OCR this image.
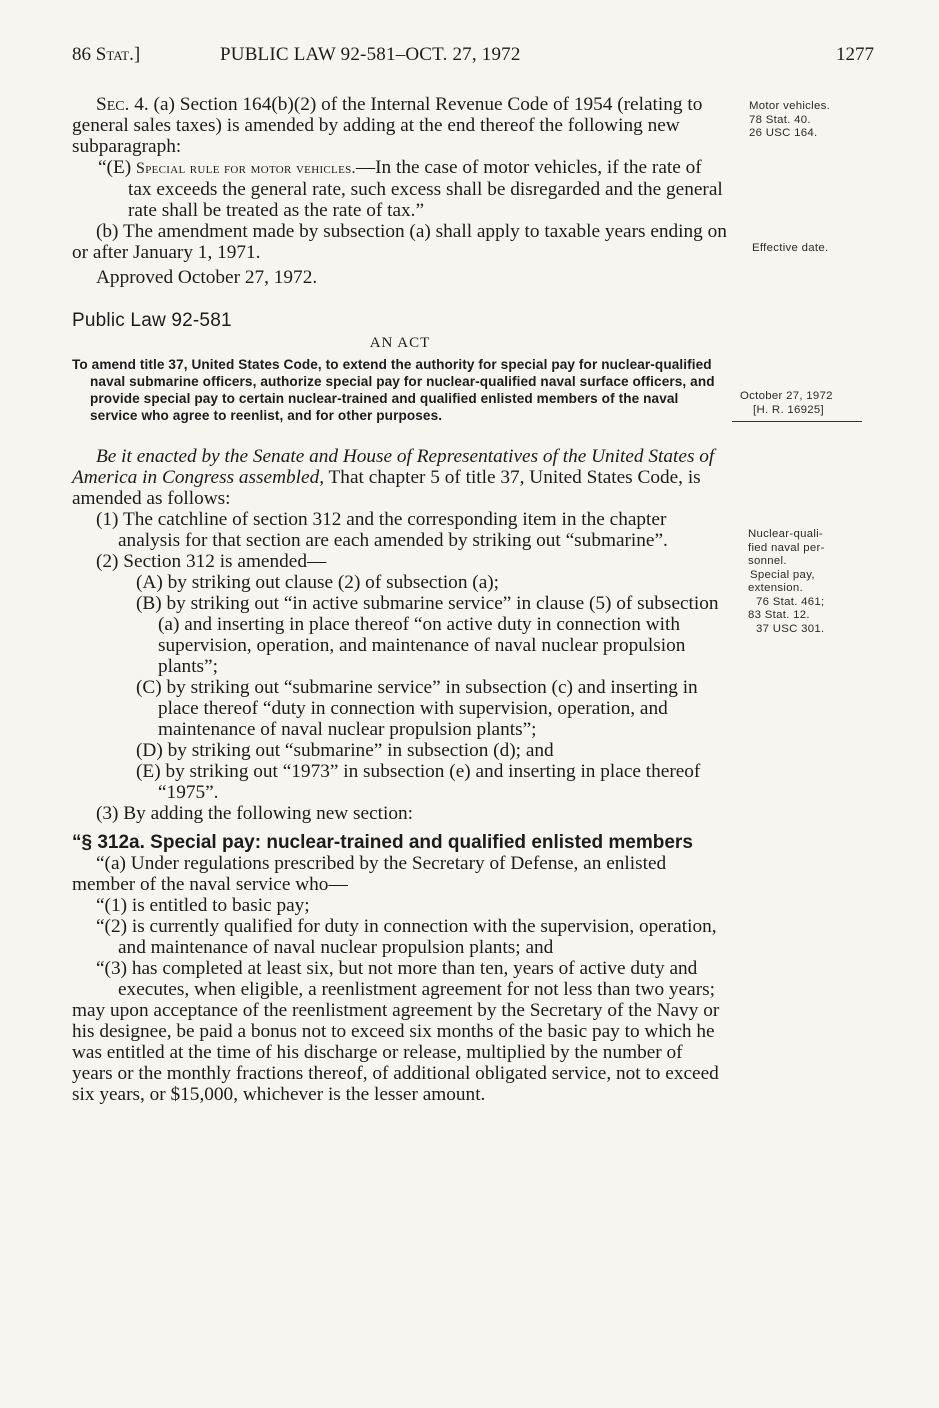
86 Stat.]	PUBLIC LAW 92-581–OCT. 27, 1972	1277

Sec. 4. (a) Section 164(b)(2) of the Internal Revenue Code of 1954 (relating to general sales taxes) is amended by adding at the end thereof the following new subparagraph:

“(E) Special rule for motor vehicles.—In the case of motor vehicles, if the rate of tax exceeds the general rate, such excess shall be disregarded and the general rate shall be treated as the rate of tax.”

(b) The amendment made by subsection (a) shall apply to taxable years ending on or after January 1, 1971.

Approved October 27, 1972.

Public Law 92-581

AN ACT

To amend title 37, United States Code, to extend the authority for special pay for nuclear-qualified naval submarine officers, authorize special pay for nuclear-qualified naval surface officers, and provide special pay to certain nuclear-trained and qualified enlisted members of the naval service who agree to reenlist, and for other purposes.

Be it enacted by the Senate and House of Representatives of the United States of America in Congress assembled, That chapter 5 of title 37, United States Code, is amended as follows:

(1) The catchline of section 312 and the corresponding item in the chapter analysis for that section are each amended by striking out “submarine”.

(2) Section 312 is amended—

(A) by striking out clause (2) of subsection (a);

(B) by striking out “in active submarine service” in clause (5) of subsection (a) and inserting in place thereof “on active duty in connection with supervision, operation, and maintenance of naval nuclear propulsion plants”;

(C) by striking out “submarine service” in subsection (c) and inserting in place thereof “duty in connection with supervision, operation, and maintenance of naval nuclear propulsion plants”;

(D) by striking out “submarine” in subsection (d); and

(E) by striking out “1973” in subsection (e) and inserting in place thereof “1975”.

(3) By adding the following new section:

“§ 312a. Special pay: nuclear-trained and qualified enlisted members

“(a) Under regulations prescribed by the Secretary of Defense, an enlisted member of the naval service who—

“(1) is entitled to basic pay;

“(2) is currently qualified for duty in connection with the supervision, operation, and maintenance of naval nuclear propulsion plants; and

“(3) has completed at least six, but not more than ten, years of active duty and executes, when eligible, a reenlistment agreement for not less than two years;

may upon acceptance of the reenlistment agreement by the Secretary of the Navy or his designee, be paid a bonus not to exceed six months of the basic pay to which he was entitled at the time of his discharge or release, multiplied by the number of years or the monthly fractions thereof, of additional obligated service, not to exceed six years, or $15,000, whichever is the lesser amount.

Motor vehicles.
78 Stat. 40.
26 USC 164.
Effective date.
October 27, 1972
[H. R. 16925]
Nuclear-quali-
fied naval per-
sonnel.
Special pay,
extension.
76 Stat. 461;
83 Stat. 12.
37 USC 301.
